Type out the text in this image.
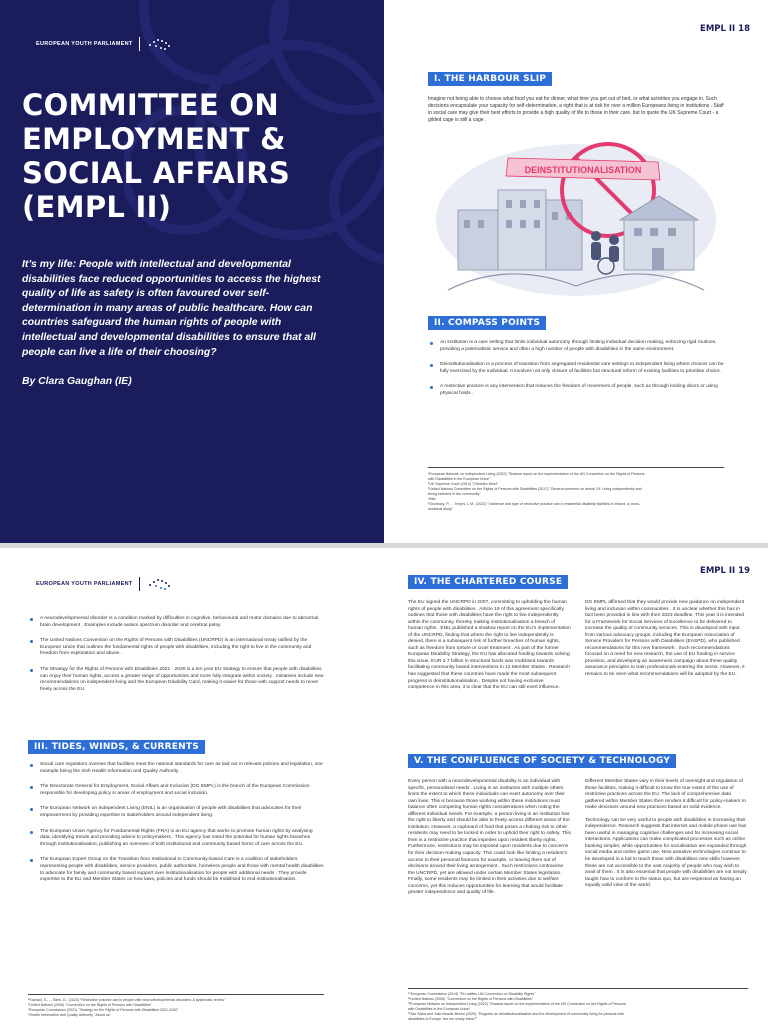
EUROPEAN YOUTH PARLIAMENT
COMMITTEE ON EMPLOYMENT & SOCIAL AFFAIRS (EMPL II)
It’s my life: People with intellectual and developmental disabilities face reduced opportunities to access the highest quality of life as safety is often favoured over self-determination in many areas of public healthcare. How can countries safeguard the human rights of people with intellectual and developmental disabilities to ensure that all people can live a life of their choosing?
By Clara Gaughan (IE)
EMPL II 18
I. THE HARBOUR SLIP
Imagine not being able to choose what food you eat for dinner, what time you get out of bed, or what activities you engage in. Such decisions encapsulate your capacity for self-determination, a right that is at risk for over a million Europeans living in institutions . Staff in social care may give their best efforts to provide a high quality of life to those in their care, but to quote the UK Supreme Court - a gilded cage is still a cage .
DEINSTITUTIONALISATION
II. COMPASS POINTS
An institution is a care setting that limits individual autonomy through limiting individual decision making, enforcing rigid routines, providing a paternalistic service and often a high number of people with disabilities in the same environment.
Deinstitutionalisation is a process of transition from segregated residential care settings to independent living where choices can be fully exercised by the individual. It involves not only closure of facilities but structural reform of existing facilities to prioritise choice .
A restrictive practice is any intervention that reduces the freedom of movement of people, such as through locking doors or using physical holds .
¹European Network on Independent Living (2022) "Shadow report on the implementation of the UN Convention on the Rights of Persons with Disabilities in the European Union"
²UK Supreme Court (2014) "Cheshire West"
³United Nations Committee on the Rights of Persons with Disabilities (2017) "General comment on article 19: Living independently and being included in the community"
⁴Ibid.
⁵Dunleavy, P., ... Keyes, L.M., (2022) "Incidence and type of restrictive practice use in residential disability facilities in Ireland, a cross-sectional study"
EUROPEAN YOUTH PARLIAMENT
A neurodevelopmental disorder is a condition marked by difficulties in cognitive, behavioural and motor domains due to abnormal brain development . Examples include autism spectrum disorder and cerebral palsy.
The United Nations Convention on the Rights of Persons with Disabilities (UNCRPD) is an international treaty ratified by the European Union that outlines the fundamental rights of people with disabilities, including the right to live in the community and freedom from exploitation and abuse .
The Strategy for the Rights of Persons with Disabilities 2021 - 2030 is a ten year EU strategy to ensure that people with disabilities can enjoy their human rights, access a greater range of opportunities and more fully integrate within society . Initiatives include new recommendations on independent living and the European Disability Card, making it easier for those with support needs to move freely across the EU.
III. TIDES, WINDS, & CURRENTS
Social care regulators oversee that facilities meet the national standards for care as laid out in relevant policies and legislation, one example being the Irish Health Information and Quality Authority .
The Directorate General for Employment, Social Affairs and Inclusion (DG EMPL) is the branch of the European Commission responsible for developing policy in areas of employment and social inclusion.
The European Network on Independent Living (ENIL) is an organisation of people with disabilities that advocates for their empowerment by providing expertise to stakeholders around independent living.
The European Union Agency for Fundamental Rights (FRA) is an EU agency that works to promote human rights by analysing data, identifying trends and providing advice to policymakers . This agency has noted the potential for human rights breaches through institutionalisation, publishing an overview of both institutional and community based forms of care across the EU.
The European Expert Group on the Transition from Institutional to Community-based Care is a coalition of stakeholders representing people with disabilities, service providers, public authorities, homeless people and those with mental health disabilities to advocate for family and community based support over institutionalisation for people with additional needs . They provide expertise to the EU and Member States on how laws, policies and funds should be mobilised to end institutionalisation.
⁶Kaurani, S., ... Biles, D., (2023) "Restrictive practice use in people with neurodevelopmental disorders: A systematic review"
⁷United Nations (2006) "Convention on the Rights of Persons with Disabilities"
⁸European Commission (2021) "Strategy for the Rights of Persons with Disabilities 2021-2030"
⁹Health Information and Quality Authority "About us"
IV. THE CHARTERED COURSE
EMPL II 19
The EU signed the UNCRPD in 2007, committing to upholding the human rights of people with disabilities . Article 19 of this agreement specifically outlines that those with disabilities have the right to live independently within the community, thereby making institutionalisation a breach of human rights . ENIL published a shadow report on the EU’s implementation of the UNCRPD, finding that where the right to live independently is denied, there is a subsequent risk of further breaches of human rights, such as freedom from torture or cruel treatment . As part of the former European Disability Strategy, the EU has allocated funding towards solving this issue. EUR 2.7 billion in structural funds was mobilised towards facilitating community based interventions in 12 Member States . Research has suggested that these countries have made the most subsequent progress in deinstitutionalisation . Despite not having exclusive competence in this area, it is clear that the EU can still exert influence.
DG EMPL affirmed that they would provide new guidance on independent living and inclusion within communities . It is unclear whether this has in fact been provided in line with their 2023 deadline. This year it is intended for a Framework for Social Services of Excellence to be delivered to increase the quality of community services. This is developed with input from various advocacy groups, including the European Association of Service Providers for Persons with Disabilities (EASPD), who published recommendations for this new framework . Such recommendations focused on a need for new research, the use of EU funding in service provision, and developing an awareness campaign about these quality assurance principles to train professionals entering the sector. However, it remains to be seen what recommendations will be adopted by the EU.
V. THE CONFLUENCE OF SOCIETY & TECHNOLOGY
Every person with a neurodevelopmental disability is an individual with specific, personalised needs . Living in an institution with multiple others limits the extent to which these individuals can exert autonomy over their own lives. This is because those working within these institutions must balance often competing human rights considerations when noting the different individual needs. For example, a person living in an institution has the right to liberty and should be able to freely access different areas of the institution. However, a cupboard of food that poses a choking risk to other residents may need to be locked in order to uphold their right to safety. This then is a restrictive practice that impedes upon resident liberty rights. Furthermore, restrictions may be imposed upon residents due to concerns for their decision-making capacity. This could look like limiting a resident’s access to their personal finances for example, or leaving them out of decisions around their living arrangement . Such restrictions contravene the UNCRPD, yet are allowed under certain Member States legislation. Finally, some residents may be limited in their activities due to welfare concerns, yet this reduces opportunities for learning that would facilitate greater independence and quality of life.

Different Member States vary in their levels of oversight and regulation of these facilities, making it difficult to know the true extent of the use of restrictive practices across the EU. The lack of comprehensive data gathered within Member States then renders it difficult for policy-makers to make decisions around new practices based on solid evidence.

Technology can be very useful to people with disabilities in increasing their independence. Research suggests that internet and mobile phone use has been useful in managing cognitive challenges and for increasing social interactions. Applications can make complicated processes such as online banking simpler, while opportunities for socialisation are expanded through social media and online game use. New assistive technologies continue to be developed in a bid to teach those with disabilities new skills however, these are not accessible to the vast majority of people who may wish to avail of them . It is also essential that people with disabilities are not simply taught how to conform to the status quo, but are respected as having an equally valid view of the world.

¹⁰European Commission (2014) "EU ratifies UN Convention on Disability Rights"
¹¹United Nations (2006) "Convention on the Rights of Persons with Disabilities"
¹²European Network on Independent Living (2022) "Shadow report on the implementation of the UN Convention on the Rights of Persons with Disabilities in the European Union"
¹³Jan Siska and Julie Beadle-Brown (2020) "Progress on deinstitutionalisation and the development of community living for persons with disabilities in Europe: Are we nearly there?"
